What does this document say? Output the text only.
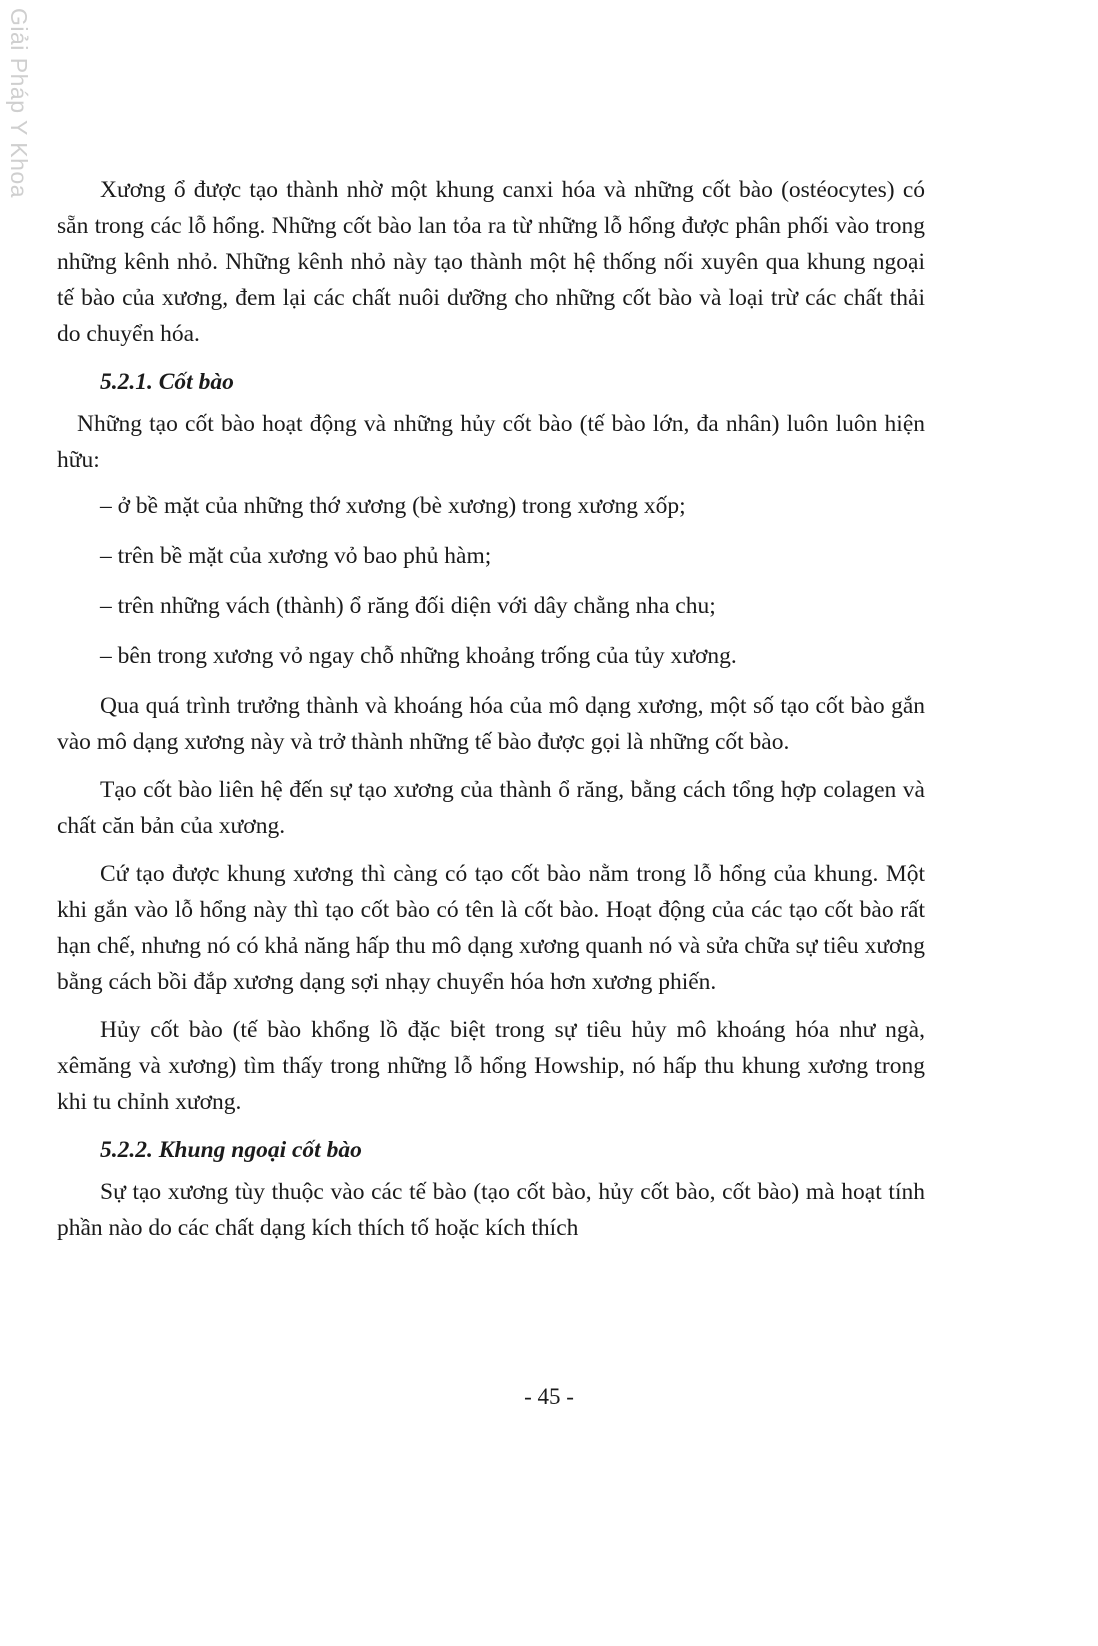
Giải Pháp Y Khoa	Xương ổ được tạo thành nhờ một khung canxi hóa và những cốt bào (ostéocytes) có sẵn trong các lỗ hổng. Những cốt bào lan tỏa ra từ những lỗ hổng được phân phối vào trong những kênh nhỏ. Những kênh nhỏ này tạo thành một hệ thống nối xuyên qua khung ngoại tế bào của xương, đem lại các chất nuôi dưỡng cho những cốt bào và loại trừ các chất thải do chuyển hóa.

5.2.1. Cốt bào

Những tạo cốt bào hoạt động và những hủy cốt bào (tế bào lớn, đa nhân) luôn luôn hiện hữu:

– ở bề mặt của những thớ xương (bè xương) trong xương xốp;
– trên bề mặt của xương vỏ bao phủ hàm;
– trên những vách (thành) ổ răng đối diện với dây chằng nha chu;
– bên trong xương vỏ ngay chỗ những khoảng trống của tủy xương.

Qua quá trình trưởng thành và khoáng hóa của mô dạng xương, một số tạo cốt bào gắn vào mô dạng xương này và trở thành những tế bào được gọi là những cốt bào.

Tạo cốt bào liên hệ đến sự tạo xương của thành ổ răng, bằng cách tổng hợp colagen và chất căn bản của xương.

Cứ tạo được khung xương thì càng có tạo cốt bào nằm trong lỗ hổng của khung. Một khi gắn vào lỗ hổng này thì tạo cốt bào có tên là cốt bào. Hoạt động của các tạo cốt bào rất hạn chế, nhưng nó có khả năng hấp thu mô dạng xương quanh nó và sửa chữa sự tiêu xương bằng cách bồi đắp xương dạng sợi nhạy chuyển hóa hơn xương phiến.

Hủy cốt bào (tế bào khổng lồ đặc biệt trong sự tiêu hủy mô khoáng hóa như ngà, xêmăng và xương) tìm thấy trong những lỗ hổng Howship, nó hấp thu khung xương trong khi tu chỉnh xương.

5.2.2. Khung ngoại cốt bào

Sự tạo xương tùy thuộc vào các tế bào (tạo cốt bào, hủy cốt bào, cốt bào) mà hoạt tính phần nào do các chất dạng kích thích tố hoặc kích thích

- 45 -
